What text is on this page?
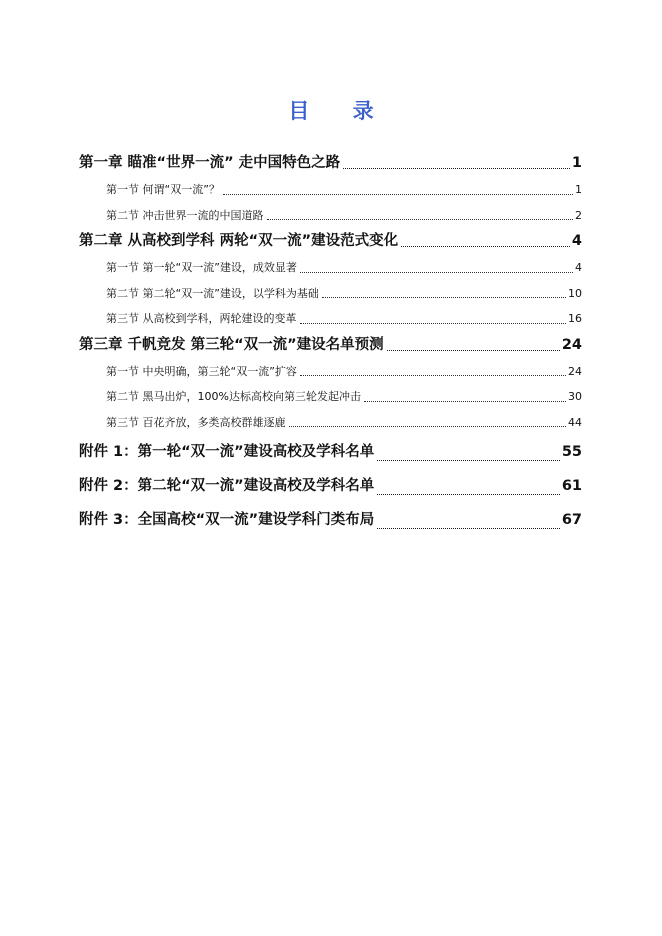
目 录
第一章 瞄准“世界一流” 走中国特色之路	1
第一节 何谓“双一流”？	1
第二节 冲击世界一流的中国道路	2
第二章 从高校到学科 两轮“双一流”建设范式变化	4
第一节 第一轮“双一流”建设，成效显著	4
第二节 第二轮“双一流”建设，以学科为基础	10
第三节 从高校到学科，两轮建设的变革	16
第三章 千帆竞发 第三轮“双一流”建设名单预测	24
第一节 中央明确，第三轮“双一流”扩容	24
第二节 黑马出炉，100%达标高校向第三轮发起冲击	30
第三节 百花齐放，多类高校群雄逐鹿	44
附件 1：第一轮“双一流”建设高校及学科名单	55
附件 2：第二轮“双一流”建设高校及学科名单	61
附件 3：全国高校“双一流”建设学科门类布局	67
